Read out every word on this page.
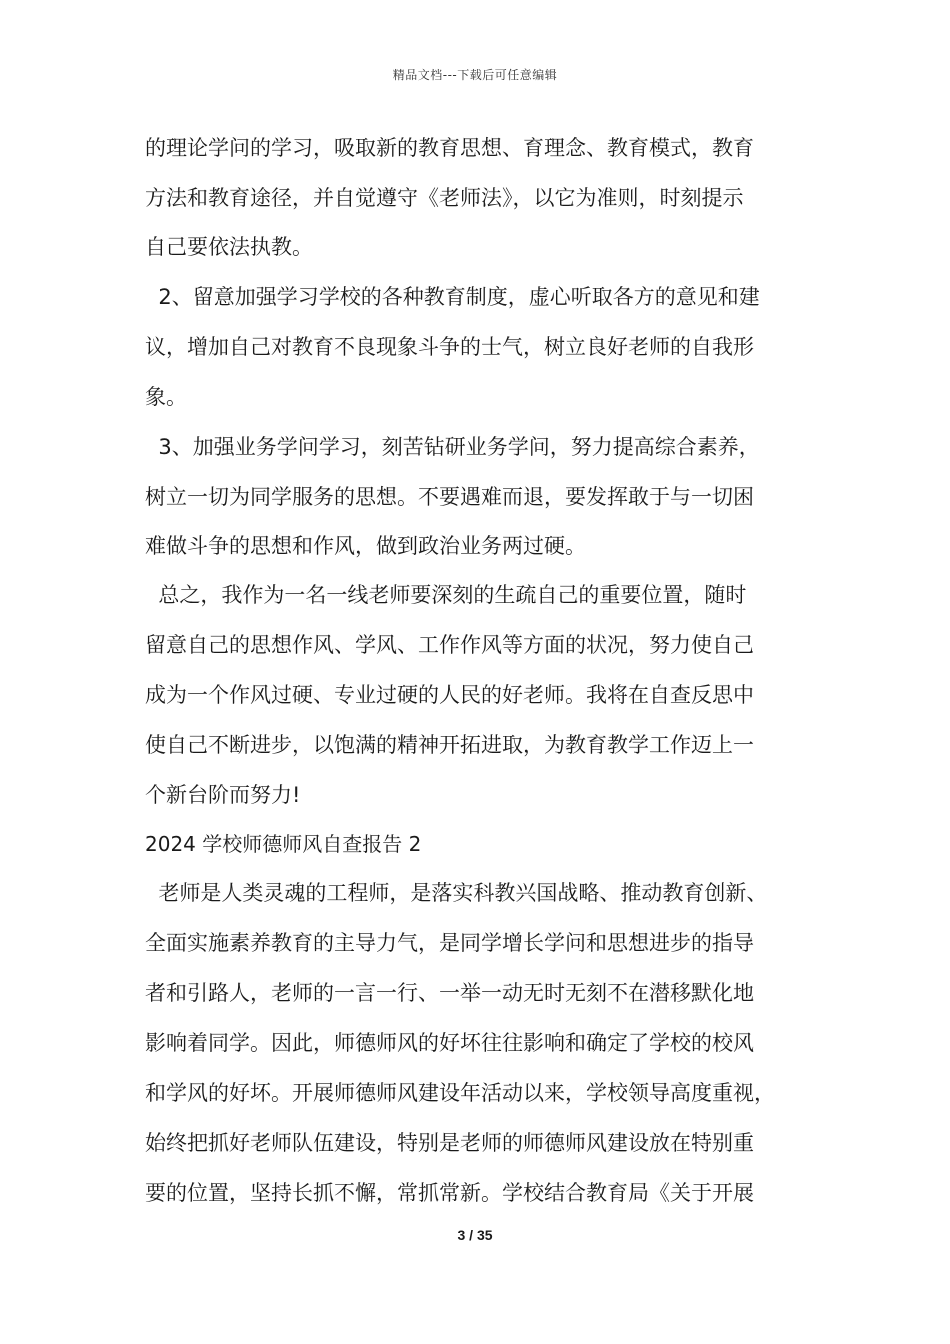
精品文档---下载后可任意编辑
的理论学问的学习，吸取新的教育思想、育理念、教育模式，教育
方法和教育途径，并自觉遵守《老师法》，以它为准则，时刻提示
自己要依法执教。
2、留意加强学习学校的各种教育制度，虚心听取各方的意见和建
议，增加自己对教育不良现象斗争的士气，树立良好老师的自我形
象。
3、加强业务学问学习，刻苦钻研业务学问，努力提高综合素养，
树立一切为同学服务的思想。不要遇难而退，要发挥敢于与一切困
难做斗争的思想和作风，做到政治业务两过硬。
总之，我作为一名一线老师要深刻的生疏自己的重要位置，随时
留意自己的思想作风、学风、工作作风等方面的状况，努力使自己
成为一个作风过硬、专业过硬的人民的好老师。我将在自查反思中
使自己不断进步，以饱满的精神开拓进取，为教育教学工作迈上一
个新台阶而努力!
2024 学校师德师风自查报告 2
老师是人类灵魂的工程师，是落实科教兴国战略、推动教育创新、
全面实施素养教育的主导力气，是同学增长学问和思想进步的指导
者和引路人，老师的一言一行、一举一动无时无刻不在潜移默化地
影响着同学。因此，师德师风的好坏往往影响和确定了学校的校风
和学风的好坏。开展师德师风建设年活动以来，学校领导高度重视，
始终把抓好老师队伍建设，特别是老师的师德师风建设放在特别重
要的位置，坚持长抓不懈，常抓常新。学校结合教育局《关于开展
3 / 35
